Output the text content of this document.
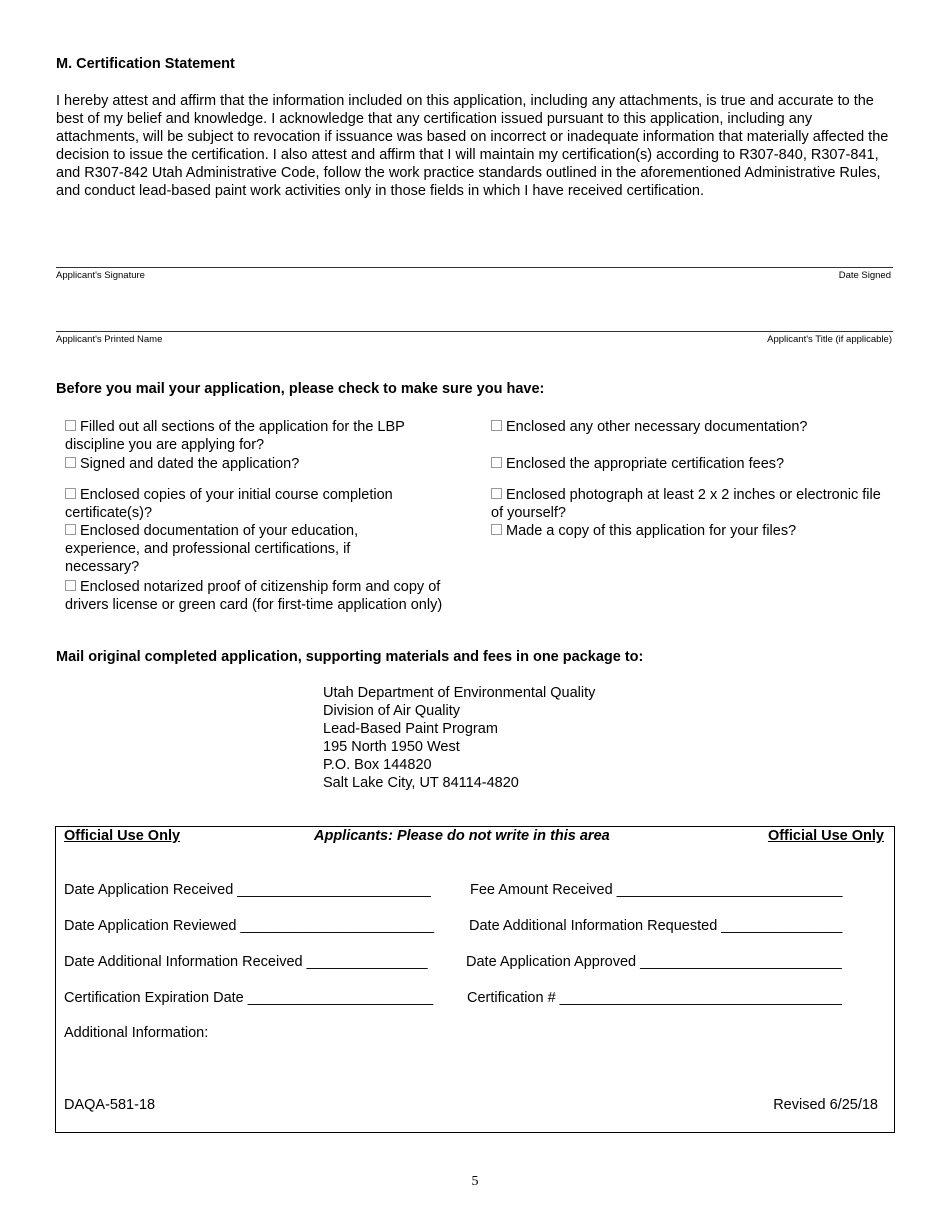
M. Certification Statement
I hereby attest and affirm that the information included on this application, including any attachments, is true and accurate to the best of my belief and knowledge. I acknowledge that any certification issued pursuant to this application, including any attachments, will be subject to revocation if issuance was based on incorrect or inadequate information that materially affected the decision to issue the certification. I also attest and affirm that I will maintain my certification(s) according to R307-840, R307-841, and R307-842 Utah Administrative Code, follow the work practice standards outlined in the aforementioned Administrative Rules, and conduct lead-based paint work activities only in those fields in which I have received certification.
Applicant's Signature	Date Signed
Applicant's Printed Name	Applicant's Title (if applicable)
Before you mail your application, please check to make sure you have:
Filled out all sections of the application for the LBP discipline you are applying for?
Signed and dated the application?
Enclosed copies of your initial course completion certificate(s)?
Enclosed documentation of your education, experience, and professional certifications, if necessary?
Enclosed notarized proof of citizenship form and copy of drivers license or green card (for first-time application only)
Enclosed any other necessary documentation?
Enclosed the appropriate certification fees?
Enclosed photograph at least 2 x 2 inches or electronic file of yourself?
Made a copy of this application for your files?
Mail original completed application, supporting materials and fees in one package to:
Utah Department of Environmental Quality
Division of Air Quality
Lead-Based Paint Program
195 North 1950 West
P.O. Box 144820
Salt Lake City, UT 84114-4820
Official Use Only	Applicants: Please do not write in this area	Official Use Only
Date Application Received ________________________	Fee Amount Received ____________________________
Date Application Reviewed ________________________ Date Additional Information Requested _______________
Date Additional Information Received _______________	Date Application Approved _________________________
Certification Expiration Date _______________________ Certification # ___________________________________
Additional Information:
DAQA-581-18	Revised 6/25/18
5
